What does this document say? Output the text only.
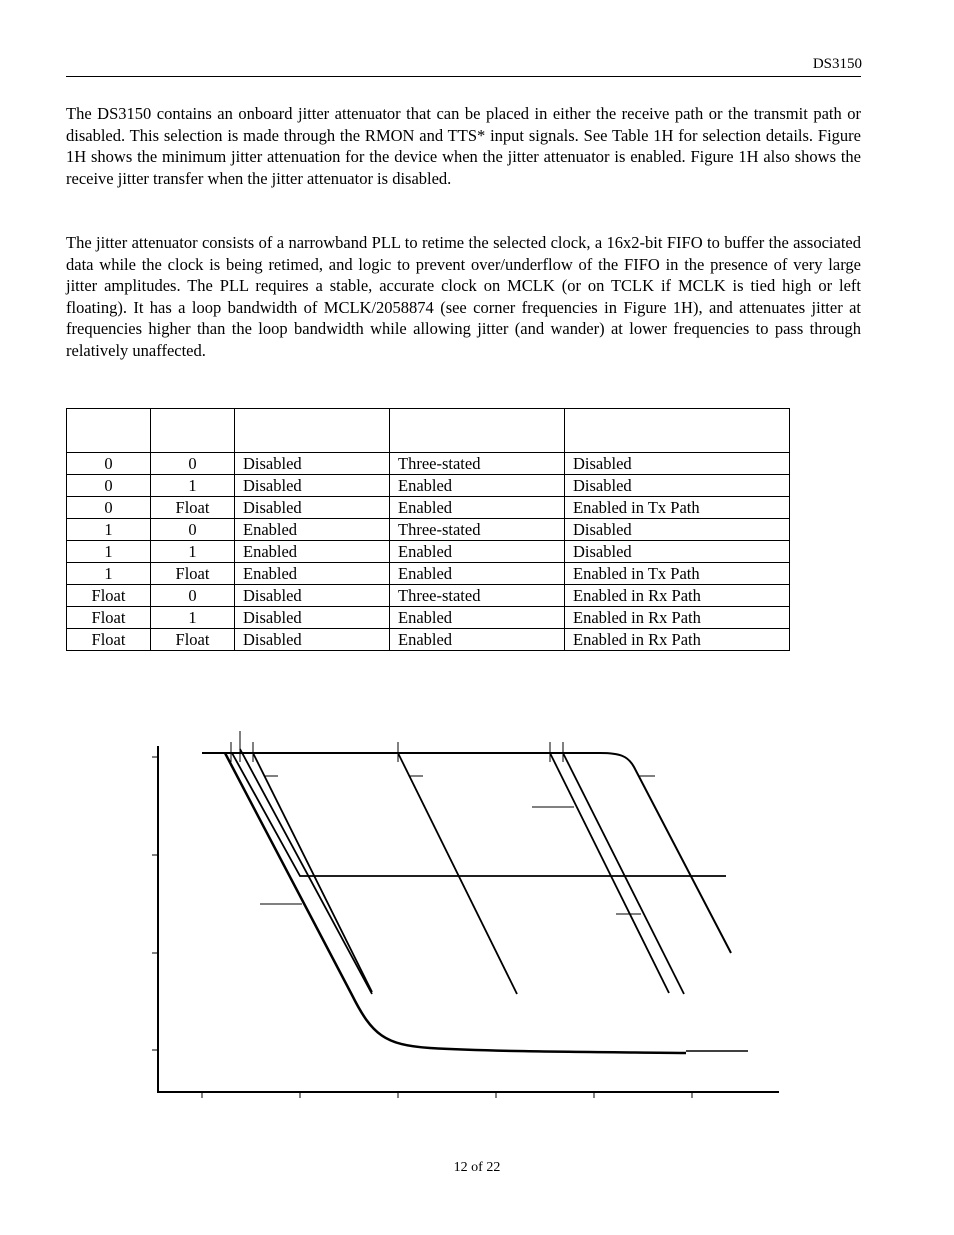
DS3150

The DS3150 contains an onboard jitter attenuator that can be placed in either the receive path or the transmit path or disabled. This selection is made through the RMON and TTS* input signals. See Table 1H for selection details. Figure 1H shows the minimum jitter attenuation for the device when the jitter attenuator is enabled. Figure 1H also shows the receive jitter transfer when the jitter attenuator is disabled.

The jitter attenuator consists of a narrowband PLL to retime the selected clock, a 16x2-bit FIFO to buffer the associated data while the clock is being retimed, and logic to prevent over/underflow of the FIFO in the presence of very large jitter amplitudes. The PLL requires a stable, accurate clock on MCLK (or on TCLK if MCLK is tied high or left floating). It has a loop bandwidth of MCLK/2058874 (see corner frequencies in Figure 1H), and attenuates jitter at frequencies higher than the loop bandwidth while allowing jitter (and wander) at lower frequencies to pass through relatively unaffected.

0	0	Disabled	Three-stated	Disabled
0	1	Disabled	Enabled	Disabled
0	Float	Disabled	Enabled	Enabled in Tx Path
1	0	Enabled	Three-stated	Disabled
1	1	Enabled	Enabled	Disabled
1	Float	Enabled	Enabled	Enabled in Tx Path
Float	0	Disabled	Three-stated	Enabled in Rx Path
Float	1	Disabled	Enabled	Enabled in Rx Path
Float	Float	Disabled	Enabled	Enabled in Rx Path
12 of 22
